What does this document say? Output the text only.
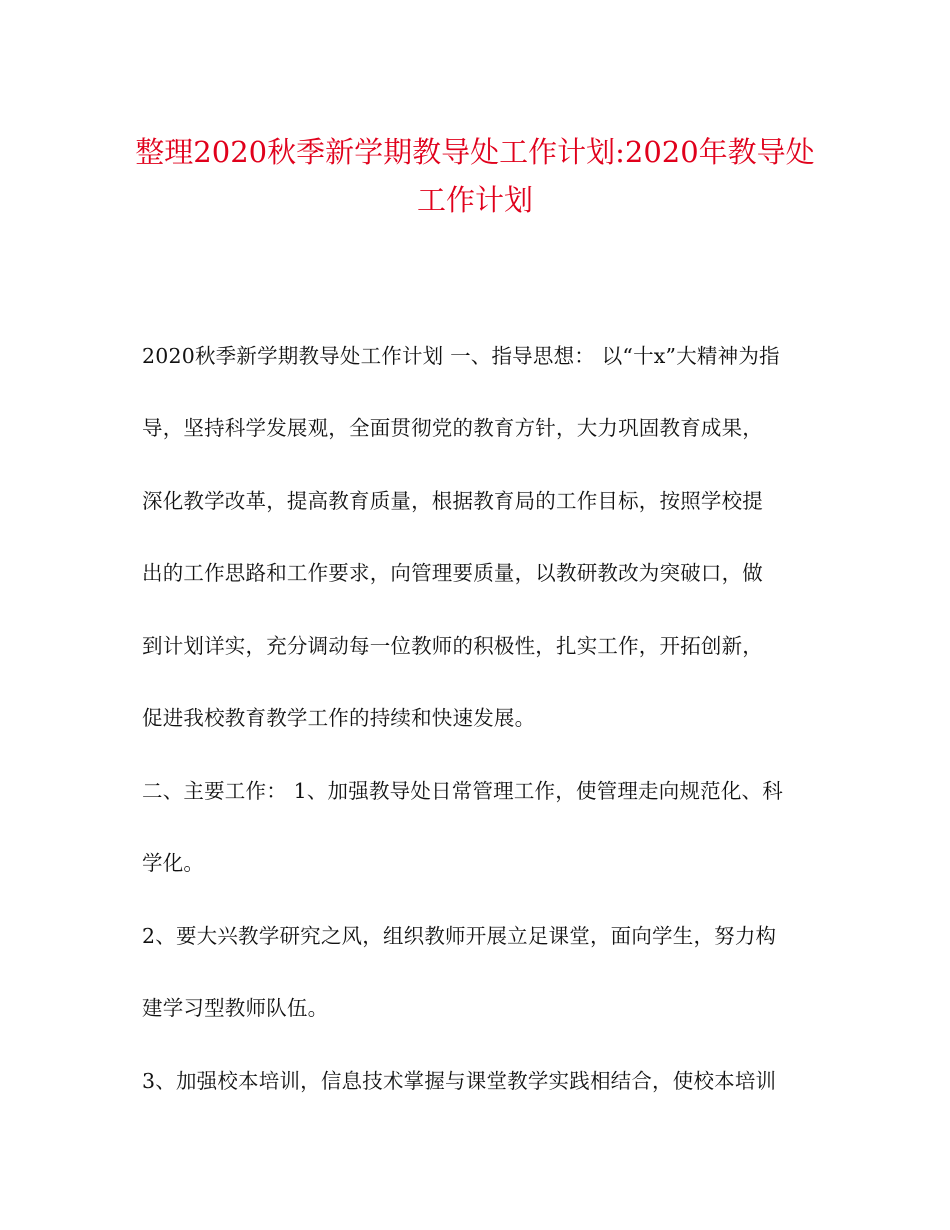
整理2020秋季新学期教导处工作计划:2020年教导处
工作计划
2020秋季新学期教导处工作计划 一、指导思想： 以“十x”大精神为指
导，坚持科学发展观，全面贯彻党的教育方针，大力巩固教育成果，
深化教学改革，提高教育质量，根据教育局的工作目标，按照学校提
出的工作思路和工作要求，向管理要质量，以教研教改为突破口，做
到计划详实，充分调动每一位教师的积极性，扎实工作，开拓创新，
促进我校教育教学工作的持续和快速发展。
二、主要工作： 1、加强教导处日常管理工作，使管理走向规范化、科
学化。
2、要大兴教学研究之风，组织教师开展立足课堂，面向学生，努力构
建学习型教师队伍。
3、加强校本培训，信息技术掌握与课堂教学实践相结合，使校本培训
